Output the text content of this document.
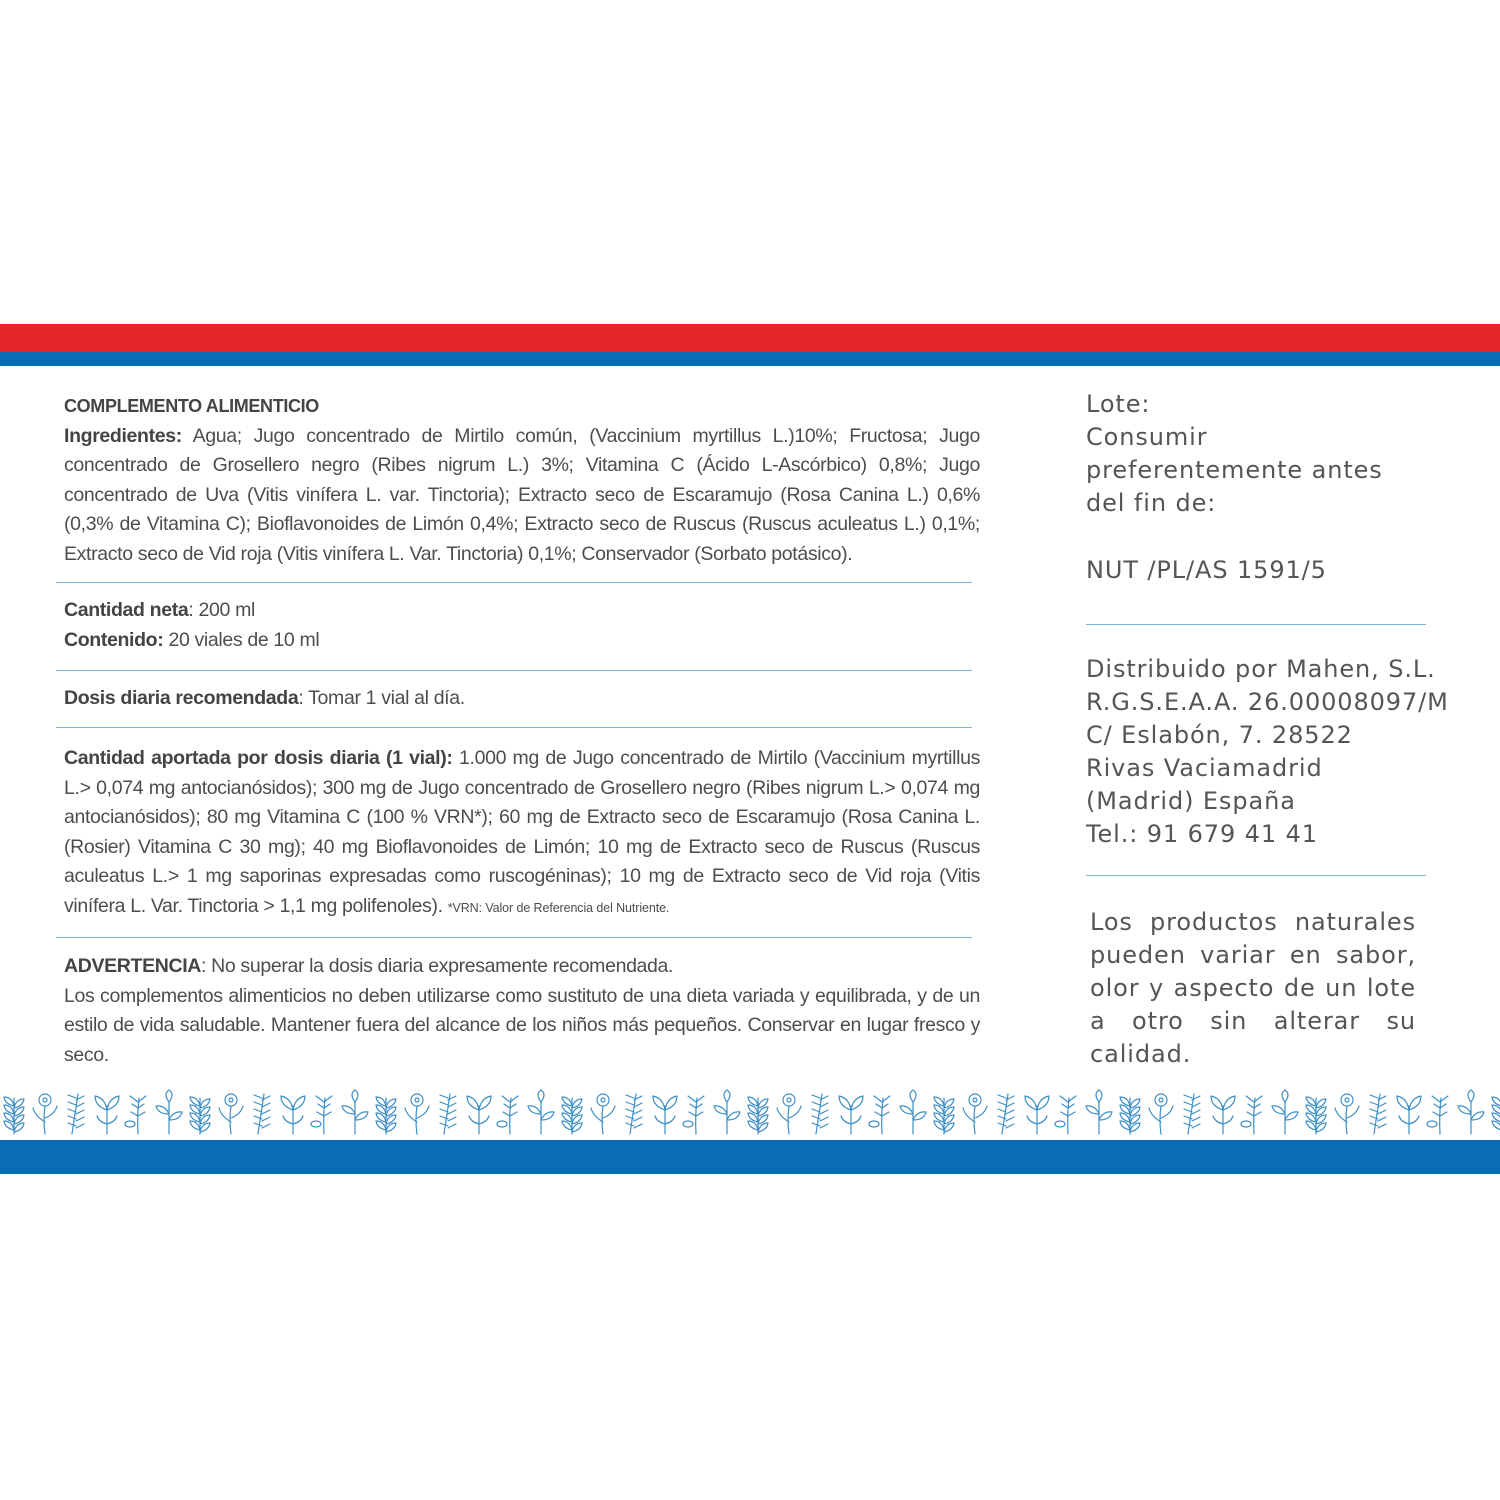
COMPLEMENTO ALIMENTICIO

Ingredientes: Agua; Jugo concentrado de Mirtilo común, (Vaccinium myrtillus L.)10%; Fructosa; Jugo concentrado de Grosellero negro (Ribes nigrum L.) 3%; Vitamina C (Ácido L-Ascórbico) 0,8%; Jugo concentrado de Uva (Vitis vinífera L. var. Tinctoria); Extracto seco de Escaramujo (Rosa Canina L.) 0,6% (0,3% de Vitamina C); Bioflavonoides de Limón 0,4%; Extracto seco de Ruscus (Ruscus aculeatus L.) 0,1%; Extracto seco de Vid roja (Vitis vinífera L. Var. Tinctoria) 0,1%; Conservador (Sorbato potásico).

Cantidad neta: 200 ml

Contenido: 20 viales de 10 ml

Dosis diaria recomendada: Tomar 1 vial al día.

Cantidad aportada por dosis diaria (1 vial): 1.000 mg de Jugo concentrado de Mirtilo (Vaccinium myrtillus L.> 0,074 mg antocianósidos); 300 mg de Jugo concentrado de Grosellero negro (Ribes nigrum L.> 0,074 mg antocianósidos); 80 mg Vitamina C (100 % VRN*); 60 mg de Extracto seco de Escaramujo (Rosa Canina L.(Rosier) Vitamina C 30 mg); 40 mg Bioflavonoides de Limón; 10 mg de Extracto seco de Ruscus (Ruscus aculeatus L.> 1 mg saporinas expresadas como ruscogéninas); 10 mg de Extracto seco de Vid roja (Vitis vinífera L. Var. Tinctoria > 1,1 mg polifenoles). *VRN: Valor de Referencia del Nutriente.

ADVERTENCIA: No superar la dosis diaria expresamente recomendada.

Los complementos alimenticios no deben utilizarse como sustituto de una dieta variada y equilibrada, y de un estilo de vida saludable. Mantener fuera del alcance de los niños más pequeños. Conservar en lugar fresco y seco.

Lote:
Consumir
preferentemente antes
del fin de:
NUT /PL/AS 1591/5
Distribuido por Mahen, S.L.
R.G.S.E.A.A. 26.00008097/M
C/ Eslabón, 7. 28522
Rivas Vaciamadrid
(Madrid) España
Tel.: 91 679 41 41

Los productos naturales pueden variar en sabor, olor y aspecto de un lote a otro sin alterar su calidad.
